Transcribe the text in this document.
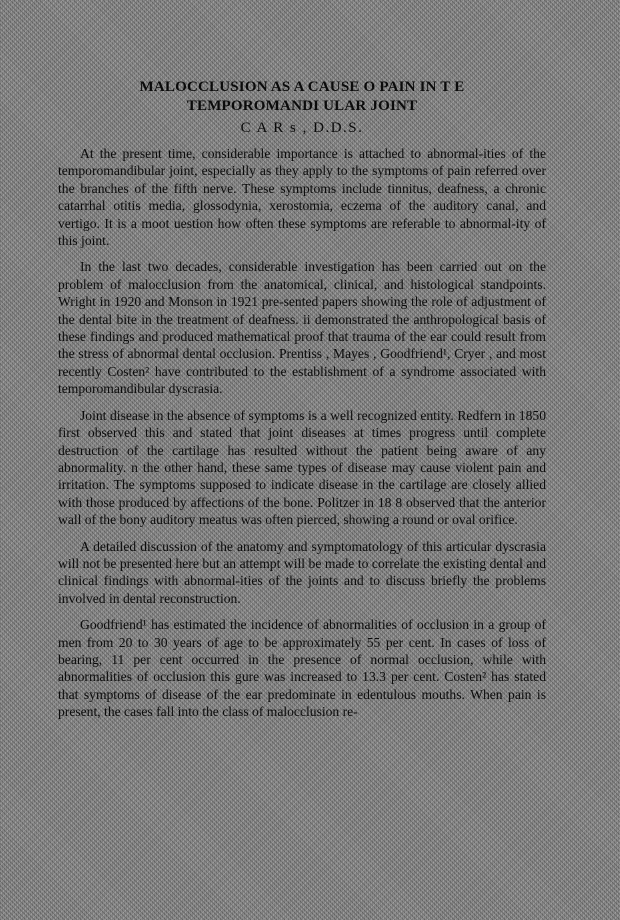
MALOCCLUSION AS A CAUSE O PAIN IN T E
TEMPOROMANDI ULAR JOINT
C A R s , D.D.S.

At the present time, considerable importance is attached to abnormal-ities of the temporomandibular joint, especially as they apply to the symptoms of pain referred over the branches of the fifth nerve. These symptoms include tinnitus, deafness, a chronic catarrhal otitis media, glossodynia, xerostomia, eczema of the auditory canal, and vertigo. It is a moot uestion how often these symptoms are referable to abnormal-ity of this joint.

In the last two decades, considerable investigation has been carried out on the problem of malocclusion from the anatomical, clinical, and histological standpoints. Wright in 1920 and Monson in 1921 pre-sented papers showing the role of adjustment of the dental bite in the treatment of deafness. ii demonstrated the anthropological basis of these findings and produced mathematical proof that trauma of the ear could result from the stress of abnormal dental occlusion. Prentiss , Mayes , Goodfriend¹, Cryer , and most recently Costen² have contributed to the establishment of a syndrome associated with temporomandibular dyscrasia.

Joint disease in the absence of symptoms is a well recognized entity. Redfern in 1850 first observed this and stated that joint diseases at times progress until complete destruction of the cartilage has resulted without the patient being aware of any abnormality. n the other hand, these same types of disease may cause violent pain and irritation. The symptoms supposed to indicate disease in the cartilage are closely allied with those produced by affections of the bone. Politzer in 18 8 observed that the anterior wall of the bony auditory meatus was often pierced, showing a round or oval orifice.

A detailed discussion of the anatomy and symptomatology of this articular dyscrasia will not be presented here but an attempt will be made to correlate the existing dental and clinical findings with abnormal-ities of the joints and to discuss briefly the problems involved in dental reconstruction.

Goodfriend¹ has estimated the incidence of abnormalities of occlusion in a group of men from 20 to 30 years of age to be approximately 55 per cent. In cases of loss of bearing, 11 per cent occurred in the presence of normal occlusion, while with abnormalities of occlusion this gure was increased to 13.3 per cent. Costen² has stated that symptoms of disease of the ear predominate in edentulous mouths. When pain is present, the cases fall into the class of malocclusion re-
